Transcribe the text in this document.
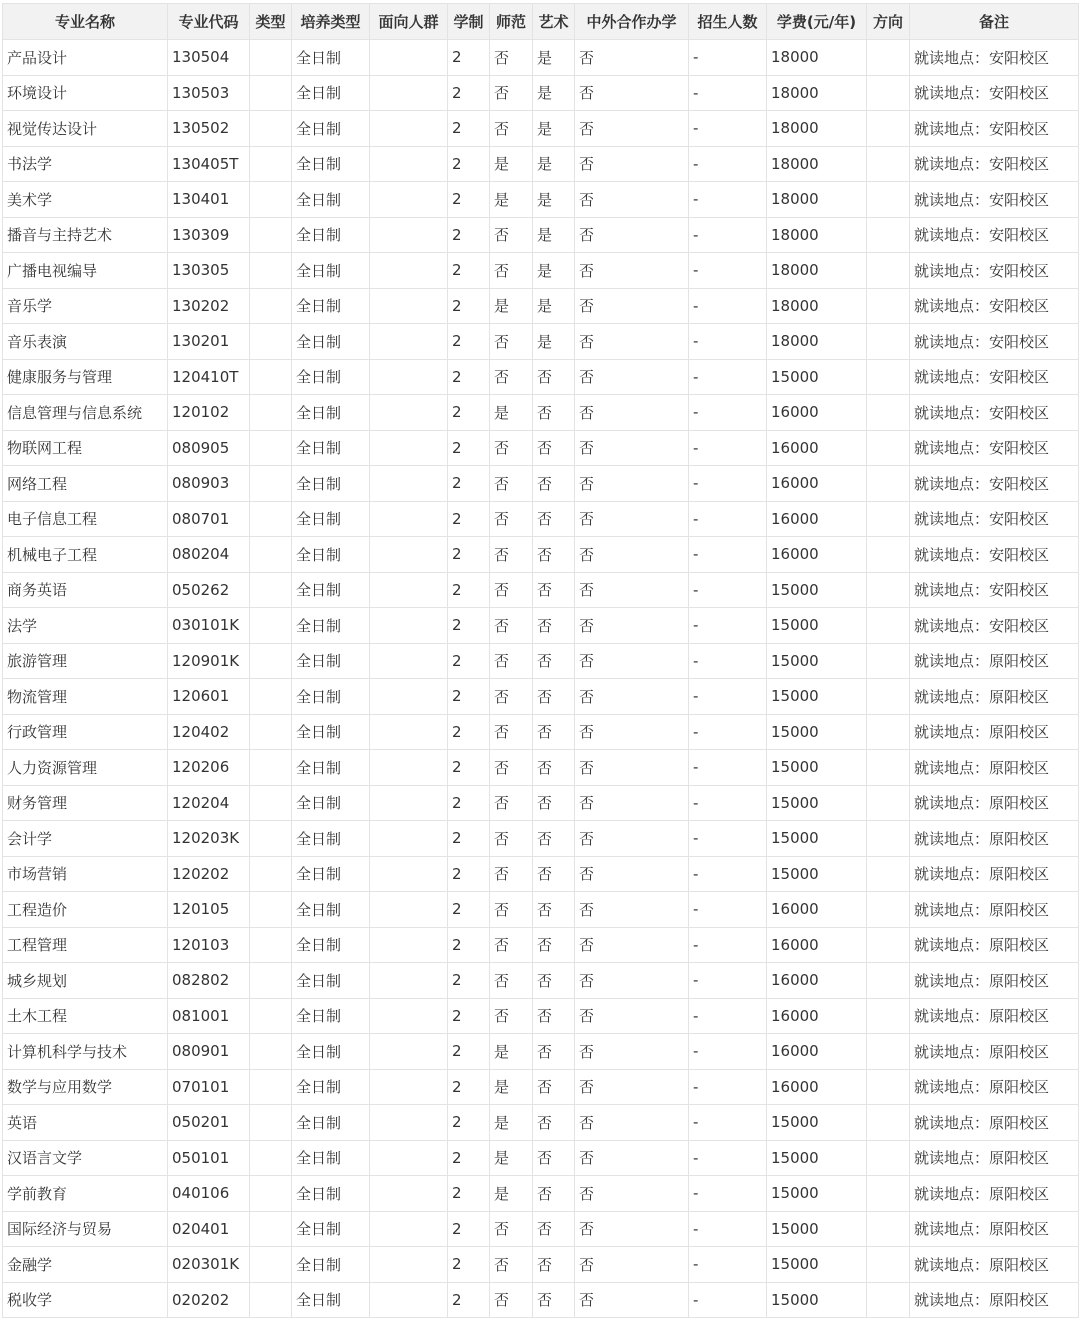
专业名称	专业代码	类型	培养类型	面向人群	学制	师范	艺术	中外合作办学	招生人数	学费(元/年)	方向	备注
产品设计	130504		全日制		2	否	是	否	-	18000		就读地点：安阳校区
环境设计	130503		全日制		2	否	是	否	-	18000		就读地点：安阳校区
视觉传达设计	130502		全日制		2	否	是	否	-	18000		就读地点：安阳校区
书法学	130405T		全日制		2	是	是	否	-	18000		就读地点：安阳校区
美术学	130401		全日制		2	是	是	否	-	18000		就读地点：安阳校区
播音与主持艺术	130309		全日制		2	否	是	否	-	18000		就读地点：安阳校区
广播电视编导	130305		全日制		2	否	是	否	-	18000		就读地点：安阳校区
音乐学	130202		全日制		2	是	是	否	-	18000		就读地点：安阳校区
音乐表演	130201		全日制		2	否	是	否	-	18000		就读地点：安阳校区
健康服务与管理	120410T		全日制		2	否	否	否	-	15000		就读地点：安阳校区
信息管理与信息系统	120102		全日制		2	是	否	否	-	16000		就读地点：安阳校区
物联网工程	080905		全日制		2	否	否	否	-	16000		就读地点：安阳校区
网络工程	080903		全日制		2	否	否	否	-	16000		就读地点：安阳校区
电子信息工程	080701		全日制		2	否	否	否	-	16000		就读地点：安阳校区
机械电子工程	080204		全日制		2	否	否	否	-	16000		就读地点：安阳校区
商务英语	050262		全日制		2	否	否	否	-	15000		就读地点：安阳校区
法学	030101K		全日制		2	否	否	否	-	15000		就读地点：安阳校区
旅游管理	120901K		全日制		2	否	否	否	-	15000		就读地点：原阳校区
物流管理	120601		全日制		2	否	否	否	-	15000		就读地点：原阳校区
行政管理	120402		全日制		2	否	否	否	-	15000		就读地点：原阳校区
人力资源管理	120206		全日制		2	否	否	否	-	15000		就读地点：原阳校区
财务管理	120204		全日制		2	否	否	否	-	15000		就读地点：原阳校区
会计学	120203K		全日制		2	否	否	否	-	15000		就读地点：原阳校区
市场营销	120202		全日制		2	否	否	否	-	15000		就读地点：原阳校区
工程造价	120105		全日制		2	否	否	否	-	16000		就读地点：原阳校区
工程管理	120103		全日制		2	否	否	否	-	16000		就读地点：原阳校区
城乡规划	082802		全日制		2	否	否	否	-	16000		就读地点：原阳校区
土木工程	081001		全日制		2	否	否	否	-	16000		就读地点：原阳校区
计算机科学与技术	080901		全日制		2	是	否	否	-	16000		就读地点：原阳校区
数学与应用数学	070101		全日制		2	是	否	否	-	16000		就读地点：原阳校区
英语	050201		全日制		2	是	否	否	-	15000		就读地点：原阳校区
汉语言文学	050101		全日制		2	是	否	否	-	15000		就读地点：原阳校区
学前教育	040106		全日制		2	是	否	否	-	15000		就读地点：原阳校区
国际经济与贸易	020401		全日制		2	否	否	否	-	15000		就读地点：原阳校区
金融学	020301K		全日制		2	否	否	否	-	15000		就读地点：原阳校区
税收学	020202		全日制		2	否	否	否	-	15000		就读地点：原阳校区
